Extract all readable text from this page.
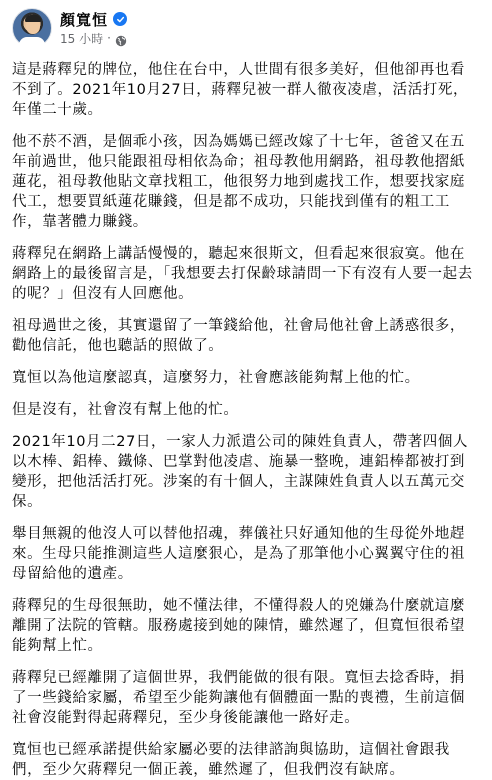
顏寬恒
15 小時 ·

這是蔣釋兒的牌位，他住在台中，人世間有很多美好，但他卻再也看不到了。2021年10月27日，蔣釋兒被一群人徹夜凌虐，活活打死，年僅二十歲。

他不菸不酒，是個乖小孩，因為媽媽已經改嫁了十七年，爸爸又在五年前過世，他只能跟祖母相依為命；祖母教他用網路，祖母教他摺紙蓮花，祖母教他貼文章找粗工，他很努力地到處找工作，想要找家庭代工，想要買紙蓮花賺錢，但是都不成功，只能找到僅有的粗工工作，靠著體力賺錢。

蔣釋兒在網路上講話慢慢的，聽起來很斯文，但看起來很寂寞。他在網路上的最後留言是，「我想要去打保齡球請問一下有沒有人要一起去的呢？」但沒有人回應他。

祖母過世之後，其實還留了一筆錢給他，社會局他社會上誘惑很多，勸他信託，他也聽話的照做了。

寬恒以為他這麼認真，這麼努力，社會應該能夠幫上他的忙。

但是沒有，社會沒有幫上他的忙。

2021年10月二27日，一家人力派遣公司的陳姓負責人，帶著四個人以木棒、鋁棒、鐵條、巴掌對他凌虐、施暴一整晚，連鋁棒都被打到變形，把他活活打死。涉案的有十個人，主謀陳姓負責人以五萬元交保。

舉目無親的他沒人可以替他招魂，葬儀社只好通知他的生母從外地趕來。生母只能推測這些人這麼狠心，是為了那筆他小心翼翼守住的祖母留給他的遺產。

蔣釋兒的生母很無助，她不懂法律，不懂得殺人的兇嫌為什麼就這麼離開了法院的管轄。服務處接到她的陳情，雖然遲了，但寬恒很希望能夠幫上忙。

蔣釋兒已經離開了這個世界，我們能做的很有限。寬恒去捻香時，捐了一些錢給家屬，希望至少能夠讓他有個體面一點的喪禮，生前這個社會沒能對得起蔣釋兒，至少身後能讓他一路好走。

寬恒也已經承諾提供給家屬必要的法律諮詢與協助，這個社會跟我們，至少欠蔣釋兒一個正義，雖然遲了，但我們沒有缺席。
